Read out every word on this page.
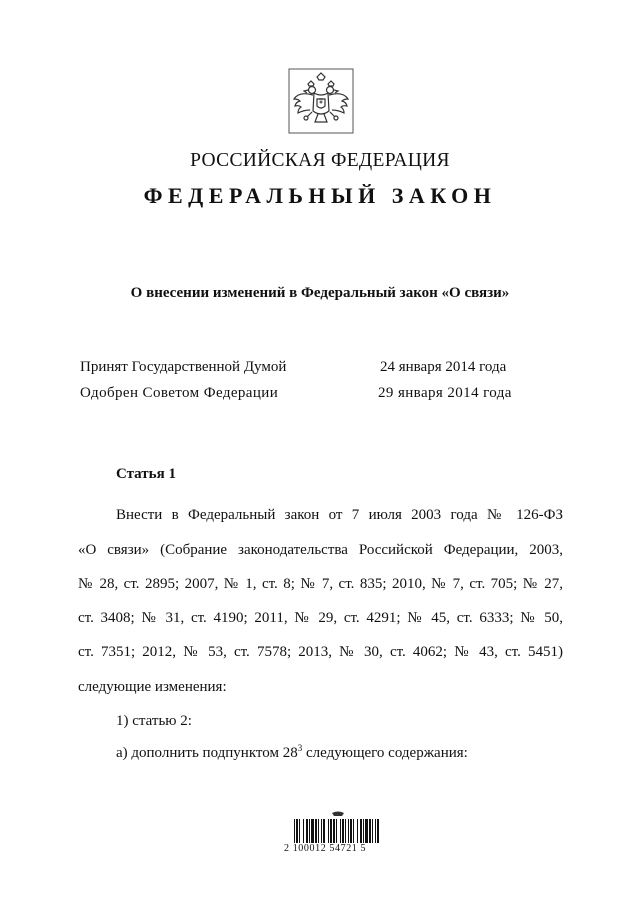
РОССИЙСКАЯ ФЕДЕРАЦИЯ
ФЕДЕРАЛЬНЫЙ ЗАКОН
О внесении изменений в Федеральный закон «О связи»
Принят Государственной Думой	24 января 2014 года
Одобрен Советом Федерации	29 января 2014 года
Статья 1
Внести в Федеральный закон от 7 июля 2003 года № 126-ФЗ
«О связи» (Собрание законодательства Российской Федерации, 2003,
№ 28, ст. 2895; 2007, № 1, ст. 8; № 7, ст. 835; 2010, № 7, ст. 705; № 27,
ст. 3408; № 31, ст. 4190; 2011, № 29, ст. 4291; № 45, ст. 6333; № 50,
ст. 7351; 2012, № 53, ст. 7578; 2013, № 30, ст. 4062; № 43, ст. 5451)
следующие изменения:
1) статью 2:
а) дополнить подпунктом $28^3$ следующего содержания:
2 100012 54721 5
